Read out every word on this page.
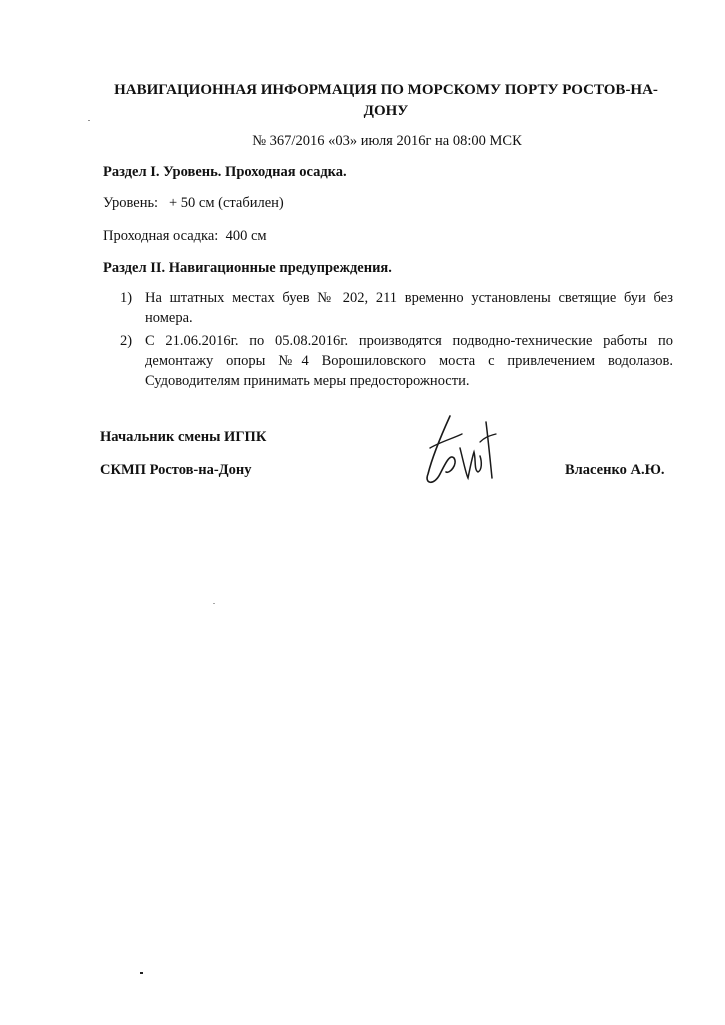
НАВИГАЦИОННАЯ ИНФОРМАЦИЯ ПО МОРСКОМУ ПОРТУ РОСТОВ-НА-ДОНУ
№ 367/2016 «03» июля 2016г на 08:00 МСК
Раздел I. Уровень. Проходная осадка.
Уровень:   + 50 см (стабилен)
Проходная осадка:  400 см
Раздел II. Навигационные предупреждения.
1) На штатных местах буев № 202, 211 временно установлены светящие буи без номера.
2) С 21.06.2016г. по 05.08.2016г. производятся подводно-технические работы по демонтажу опоры №4 Ворошиловского моста с привлечением водолазов. Судоводителям принимать меры предосторожности.
Начальник смены ИГПК
СКМП Ростов-на-Дону	Власенко А.Ю.
